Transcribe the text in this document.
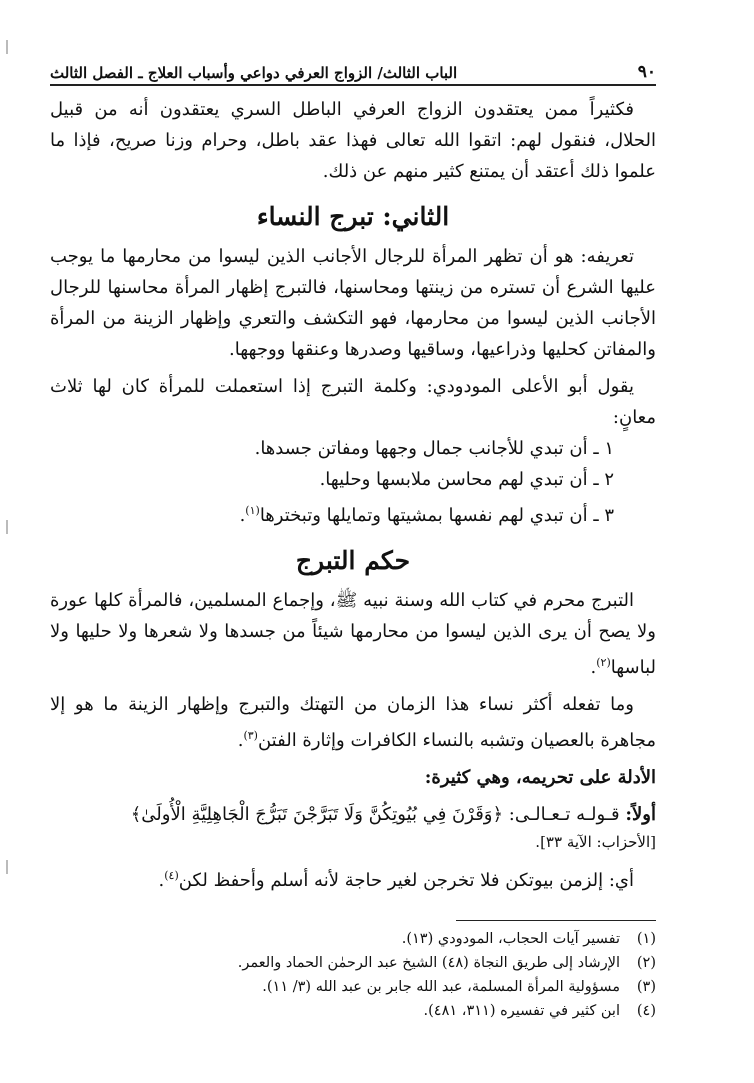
٩٠
الباب الثالث/ الزواج العرفي دواعي وأسباب العلاج ـ الفصل الثالث

فكثيراً ممن يعتقدون الزواج العرفي الباطل السري يعتقدون أنه من قبيل الحلال، فنقول لهم: اتقوا الله تعالى فهذا عقد باطل، وحرام وزنا صريح، فإذا ما علموا ذلك أعتقد أن يمتنع كثير منهم عن ذلك.

الثاني: تبرج النساء

تعريفه: هو أن تظهر المرأة للرجال الأجانب الذين ليسوا من محارمها ما يوجب عليها الشرع أن تستره من زينتها ومحاسنها، فالتبرج إظهار المرأة محاسنها للرجال الأجانب الذين ليسوا من محارمها، فهو التكشف والتعري وإظهار الزينة من المرأة والمفاتن كحليها وذراعيها، وساقيها وصدرها وعنقها ووجهها.

يقول أبو الأعلى المودودي: وكلمة التبرج إذا استعملت للمرأة كان لها ثلاث معانٍ:

١ ـ أن تبدي للأجانب جمال وجهها ومفاتن جسدها.

٢ ـ أن تبدي لهم محاسن ملابسها وحليها.

٣ ـ أن تبدي لهم نفسها بمشيتها وتمايلها وتبخترها$^{(١)}$.

حكم التبرج

التبرج محرم في كتاب الله وسنة نبيه ﷺ، وإجماع المسلمين، فالمرأة كلها عورة ولا يصح أن يرى الذين ليسوا من محارمها شيئاً من جسدها ولا شعرها ولا حليها ولا لباسها$^{(٢)}$.

وما تفعله أكثر نساء هذا الزمان من التهتك والتبرج وإظهار الزينة ما هو إلا مجاهرة بالعصيان وتشبه بالنساء الكافرات وإثارة الفتن$^{(٣)}$.

الأدلة على تحريمه، وهي كثيرة:

أولاً: قـولـه تـعـالـى: ﴿وَقَرْنَ فِي بُيُوتِكُنَّ وَلَا تَبَرَّجْنَ تَبَرُّجَ الْجَاهِلِيَّةِ الْأُولَىٰ﴾

[الأحزاب: الآية ٣٣].

أي: إلزمن بيوتكن فلا تخرجن لغير حاجة لأنه أسلم وأحفظ لكن$^{(٤)}$.

(١)
تفسير آيات الحجاب، المودودي (١٣).
(٢)
الإرشاد إلى طريق النجاة (٤٨) الشيخ عبد الرحمٰن الحماد والعمر.
(٣)
مسؤولية المرأة المسلمة، عبد الله جابر بن عبد الله (٣/ ١١).
(٤)
ابن كثير في تفسيره (٣١١، ٤٨١).
